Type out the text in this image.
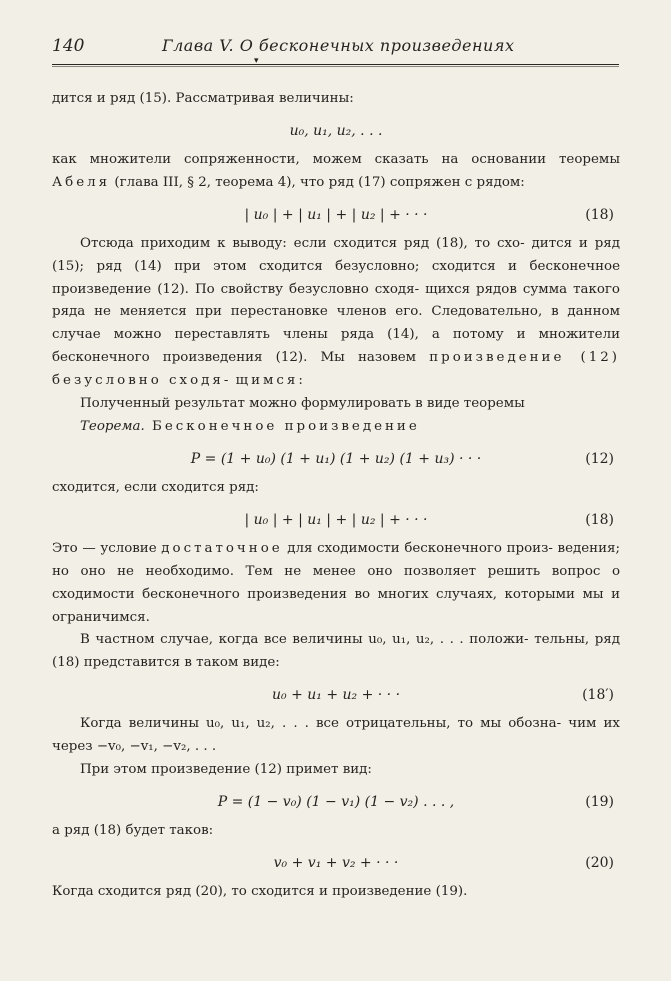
140	Глава V. О бесконечных произведениях
▾

дится и ряд (15). Рассматривая величины:

u₀, u₁, u₂, . . .

как множители сопряженности, можем сказать на основании теоремы Абеля (глава III, § 2, теорема 4), что ряд (17) сопряжен с рядом:

| u₀ | + | u₁ | + | u₂ | + · · ·	(18)

Отсюда приходим к выводу: если сходится ряд (18), то схо- дится и ряд (15); ряд (14) при этом сходится безусловно; сходится и бесконечное произведение (12). По свойству безусловно сходя- щихся рядов сумма такого ряда не меняется при перестановке членов его. Следовательно, в данном случае можно переставлять члены ряда (14), а потому и множители бесконечного произведения (12). Мы назовем произведение (12) безусловно сходя- щимся:

Полученный результат можно формулировать в виде теоремы

Теорема. Бесконечное произведение

P = (1 + u₀) (1 + u₁) (1 + u₂) (1 + u₃) · · ·	(12)

сходится, если сходится ряд:

| u₀ | + | u₁ | + | u₂ | + · · ·	(18)

Это — условие достаточное для сходимости бесконечного произ- ведения; но оно не необходимо. Тем не менее оно позволяет решить вопрос о сходимости бесконечного произведения во многих случаях, которыми мы и ограничимся.

В частном случае, когда все величины u₀, u₁, u₂, . . . положи- тельны, ряд (18) представится в таком виде:

u₀ + u₁ + u₂ + · · ·	(18′)

Когда величины u₀, u₁, u₂, . . . все отрицательны, то мы обозна- чим их через −v₀, −v₁, −v₂, . . .

При этом произведение (12) примет вид:

P = (1 − v₀) (1 − v₁) (1 − v₂) . . . ,	(19)

а ряд (18) будет таков:

v₀ + v₁ + v₂ + · · ·	(20)

Когда сходится ряд (20), то сходится и произведение (19).
